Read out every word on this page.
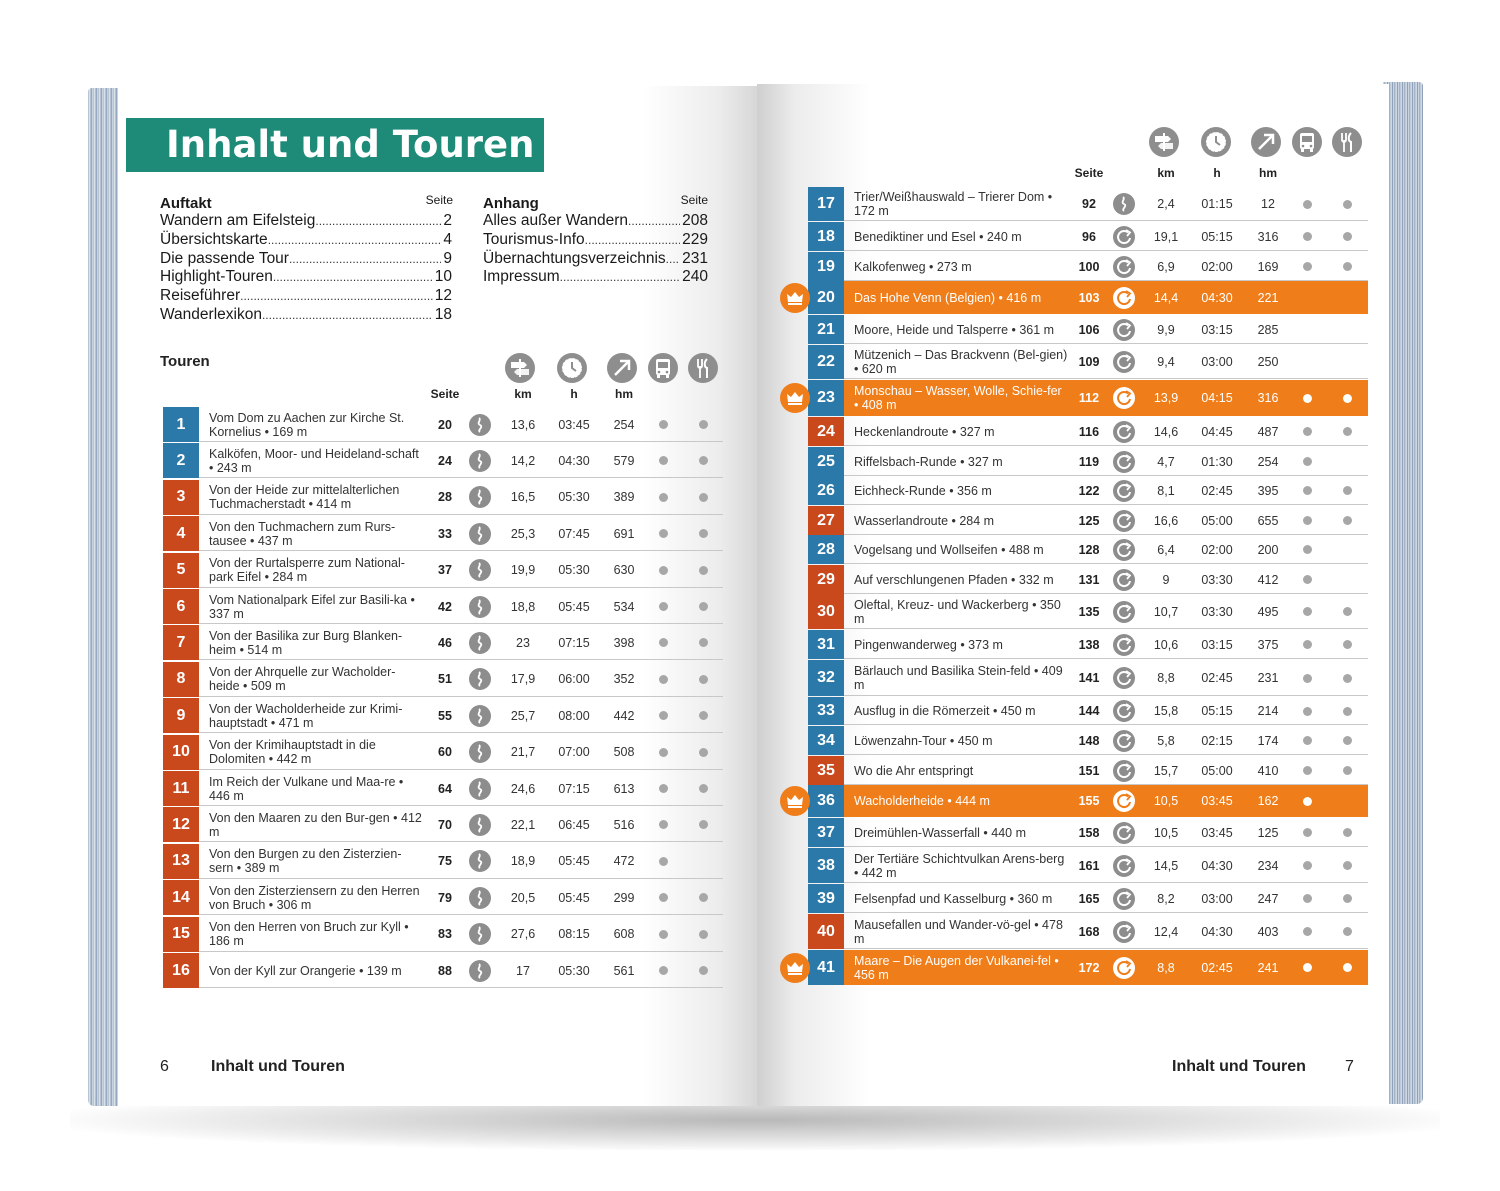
Inhalt und Touren
Auftakt	Seite
Wandern am Eifelsteig .....	2
Übersichtskarte .....	4
Die passende Tour .....	9
Highlight-Touren .....	10
Reiseführer .....	12
Wanderlexikon .....	18
Anhang	Seite
Alles außer Wandern .....	208
Tourismus-Info .....	229
Übernachtungsverzeichnis ..... 231
Impressum .....	240
Touren
Seite	km	h	hm
1	Vom Dom zu Aachen zur Kirche St. Kornelius • 169 m	20	13,6	03:45	254
2	Kalköfen, Moor- und Heideland-schaft • 243 m	24	14,2	04:30	579
3	Von der Heide zur mittelalterlichen Tuchmacherstadt • 414 m	28	16,5	05:30	389
4	Von den Tuchmachern zum Rurs-tausee • 437 m	33	25,3	07:45	691
5	Von der Rurtalsperre zum National-park Eifel • 284 m	37	19,9	05:30	630
6	Vom Nationalpark Eifel zur Basili-ka • 337 m	42	18,8	05:45	534
7	Von der Basilika zur Burg Blanken-heim • 514 m	46	23	07:15	398
8	Von der Ahrquelle zur Wacholder-heide • 509 m	51	17,9	06:00	352
9	Von der Wacholderheide zur Krimi-hauptstadt • 471 m	55	25,7	08:00	442
10	Von der Krimihauptstadt in die Dolomiten • 442 m	60	21,7	07:00	508
11	Im Reich der Vulkane und Maa-re • 446 m	64	24,6	07:15	613
12	Von den Maaren zu den Bur-gen • 412 m	70	22,1	06:45	516
13	Von den Burgen zu den Zisterzien-sern • 389 m	75	18,9	05:45	472
14	Von den Zisterziensern zu den Herren von Bruch • 306 m	79	20,5	05:45	299
15	Von den Herren von Bruch zur Kyll • 186 m	83	27,6	08:15	608
16	Von der Kyll zur Orangerie • 139 m	88	17	05:30	561
Seite	km	h	hm
17	Trier/Weißhauswald – Trierer Dom • 172 m	92	2,4	01:15	12
18	Benediktiner und Esel • 240 m	96	19,1	05:15	316
19	Kalkofenweg • 273 m	100	6,9	02:00	169
20	Das Hohe Venn (Belgien) • 416 m	103	14,4	04:30	221
21	Moore, Heide und Talsperre • 361 m	106	9,9	03:15	285
22	Mützenich – Das Brackvenn (Bel-gien) • 620 m	109	9,4	03:00	250
23	Monschau – Wasser, Wolle, Schie-fer • 408 m	112	13,9	04:15	316
24	Heckenlandroute • 327 m	116	14,6	04:45	487
25	Riffelsbach-Runde • 327 m	119	4,7	01:30	254
26	Eichheck-Runde • 356 m	122	8,1	02:45	395
27	Wasserlandroute • 284 m	125	16,6	05:00	655
28	Vogelsang und Wollseifen • 488 m	128	6,4	02:00	200
29	Auf verschlungenen Pfaden • 332 m	131	9	03:30	412
30	Oleftal, Kreuz- und Wackerberg • 350 m	135	10,7	03:30	495
31	Pingenwanderweg • 373 m	138	10,6	03:15	375
32	Bärlauch und Basilika Stein-feld • 409 m	141	8,8	02:45	231
33	Ausflug in die Römerzeit • 450 m	144	15,8	05:15	214
34	Löwenzahn-Tour • 450 m	148	5,8	02:15	174
35	Wo die Ahr entspringt	151	15,7	05:00	410
36	Wacholderheide • 444 m	155	10,5	03:45	162
37	Dreimühlen-Wasserfall • 440 m	158	10,5	03:45	125
38	Der Tertiäre Schichtvulkan Arens-berg • 442 m	161	14,5	04:30	234
39	Felsenpfad und Kasselburg • 360 m	165	8,2	03:00	247
40	Mausefallen und Wander-vö-gel • 478 m	168	12,4	04:30	403
41	Maare – Die Augen der Vulkanei-fel • 456 m	172	8,8	02:45	241
6	Inhalt und Touren	Inhalt und Touren 7
